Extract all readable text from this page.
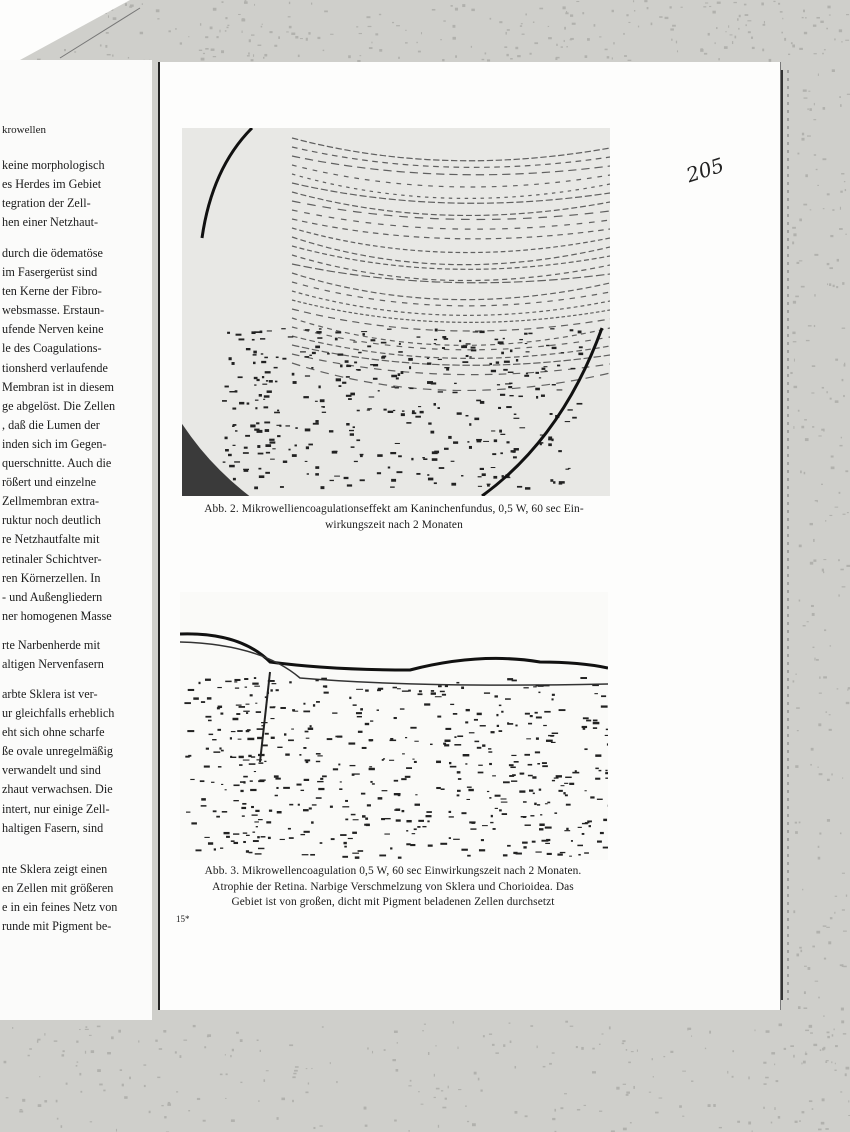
krowellen
keine morphologisch
es Herdes im Gebiet
tegration der Zell-
hen einer Netzhaut-
durch die ödematöse
im Fasergerüst sind
ten Kerne der Fibro-
websmasse. Erstaun-
ufende Nerven keine
le des Coagulations-
tionsherd verlaufende
Membran ist in diesem
ge abgelöst. Die Zellen
, daß die Lumen der
inden sich im Gegen-
querschnitte. Auch die
rößert und einzelne
Zellmembran extra-
ruktur noch deutlich
re Netzhautfalte mit
retinaler Schichtver-
ren Körnerzellen. In
- und Außengliedern
ner homogenen Masse
rte Narbenherde mit
altigen Nervenfasern
arbte Sklera ist ver-
ur gleichfalls erheblich
eht sich ohne scharfe
ße ovale unregelmäßig
verwandelt und sind
zhaut verwachsen. Die
intert, nur einige Zell-
haltigen Fasern, sind
nte Sklera zeigt einen
en Zellen mit größeren
e in ein feines Netz von
runde mit Pigment be-
Abb. 2. Mikrowelliencoagulationseffekt am Kaninchenfundus, 0,5 W, 60 sec Ein-
wirkungszeit nach 2 Monaten
Abb. 3. Mikrowellencoagulation 0,5 W, 60 sec Einwirkungszeit nach 2 Monaten.
Atrophie der Retina. Narbige Verschmelzung von Sklera und Chorioidea. Das
Gebiet ist von großen, dicht mit Pigment beladenen Zellen durchsetzt
15*
205
